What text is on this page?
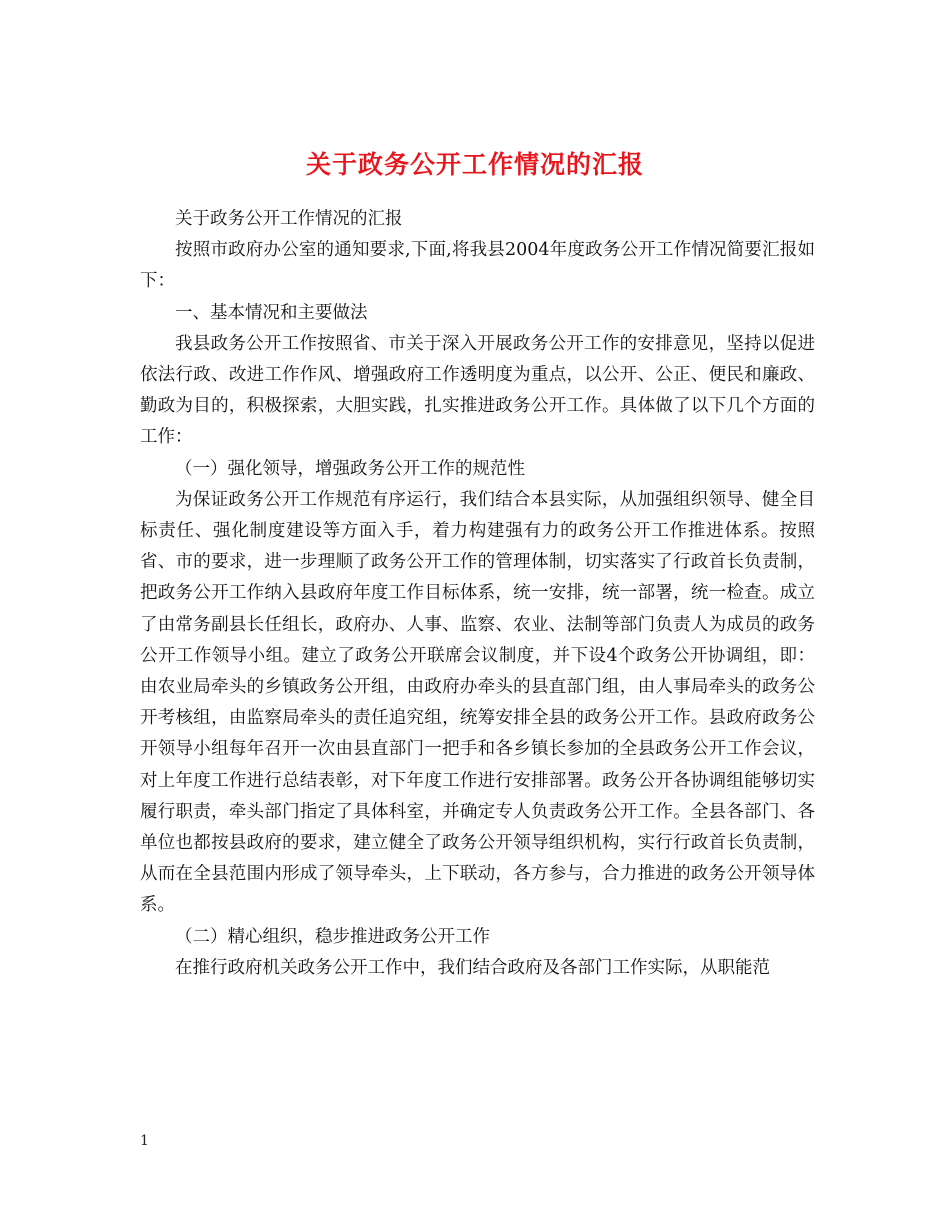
关于政务公开工作情况的汇报

关于政务公开工作情况的汇报

按照市政府办公室的通知要求,下面,将我县2004年度政务公开工作情况简要汇报如下：

一、基本情况和主要做法

我县政务公开工作按照省、市关于深入开展政务公开工作的安排意见，坚持以促进依法行政、改进工作作风、增强政府工作透明度为重点，以公开、公正、便民和廉政、勤政为目的，积极探索，大胆实践，扎实推进政务公开工作。具体做了以下几个方面的工作：

（一）强化领导，增强政务公开工作的规范性

为保证政务公开工作规范有序运行，我们结合本县实际，从加强组织领导、健全目标责任、强化制度建设等方面入手，着力构建强有力的政务公开工作推进体系。按照省、市的要求，进一步理顺了政务公开工作的管理体制，切实落实了行政首长负责制，把政务公开工作纳入县政府年度工作目标体系，统一安排，统一部署，统一检查。成立了由常务副县长任组长，政府办、人事、监察、农业、法制等部门负责人为成员的政务公开工作领导小组。建立了政务公开联席会议制度，并下设4个政务公开协调组，即：由农业局牵头的乡镇政务公开组，由政府办牵头的县直部门组，由人事局牵头的政务公开考核组，由监察局牵头的责任追究组，统筹安排全县的政务公开工作。县政府政务公开领导小组每年召开一次由县直部门一把手和各乡镇长参加的全县政务公开工作会议，对上年度工作进行总结表彰，对下年度工作进行安排部署。政务公开各协调组能够切实履行职责，牵头部门指定了具体科室，并确定专人负责政务公开工作。全县各部门、各单位也都按县政府的要求，建立健全了政务公开领导组织机构，实行行政首长负责制，从而在全县范围内形成了领导牵头，上下联动，各方参与，合力推进的政务公开领导体系。

（二）精心组织，稳步推进政务公开工作

在推行政府机关政务公开工作中，我们结合政府及各部门工作实际，从职能范

1
